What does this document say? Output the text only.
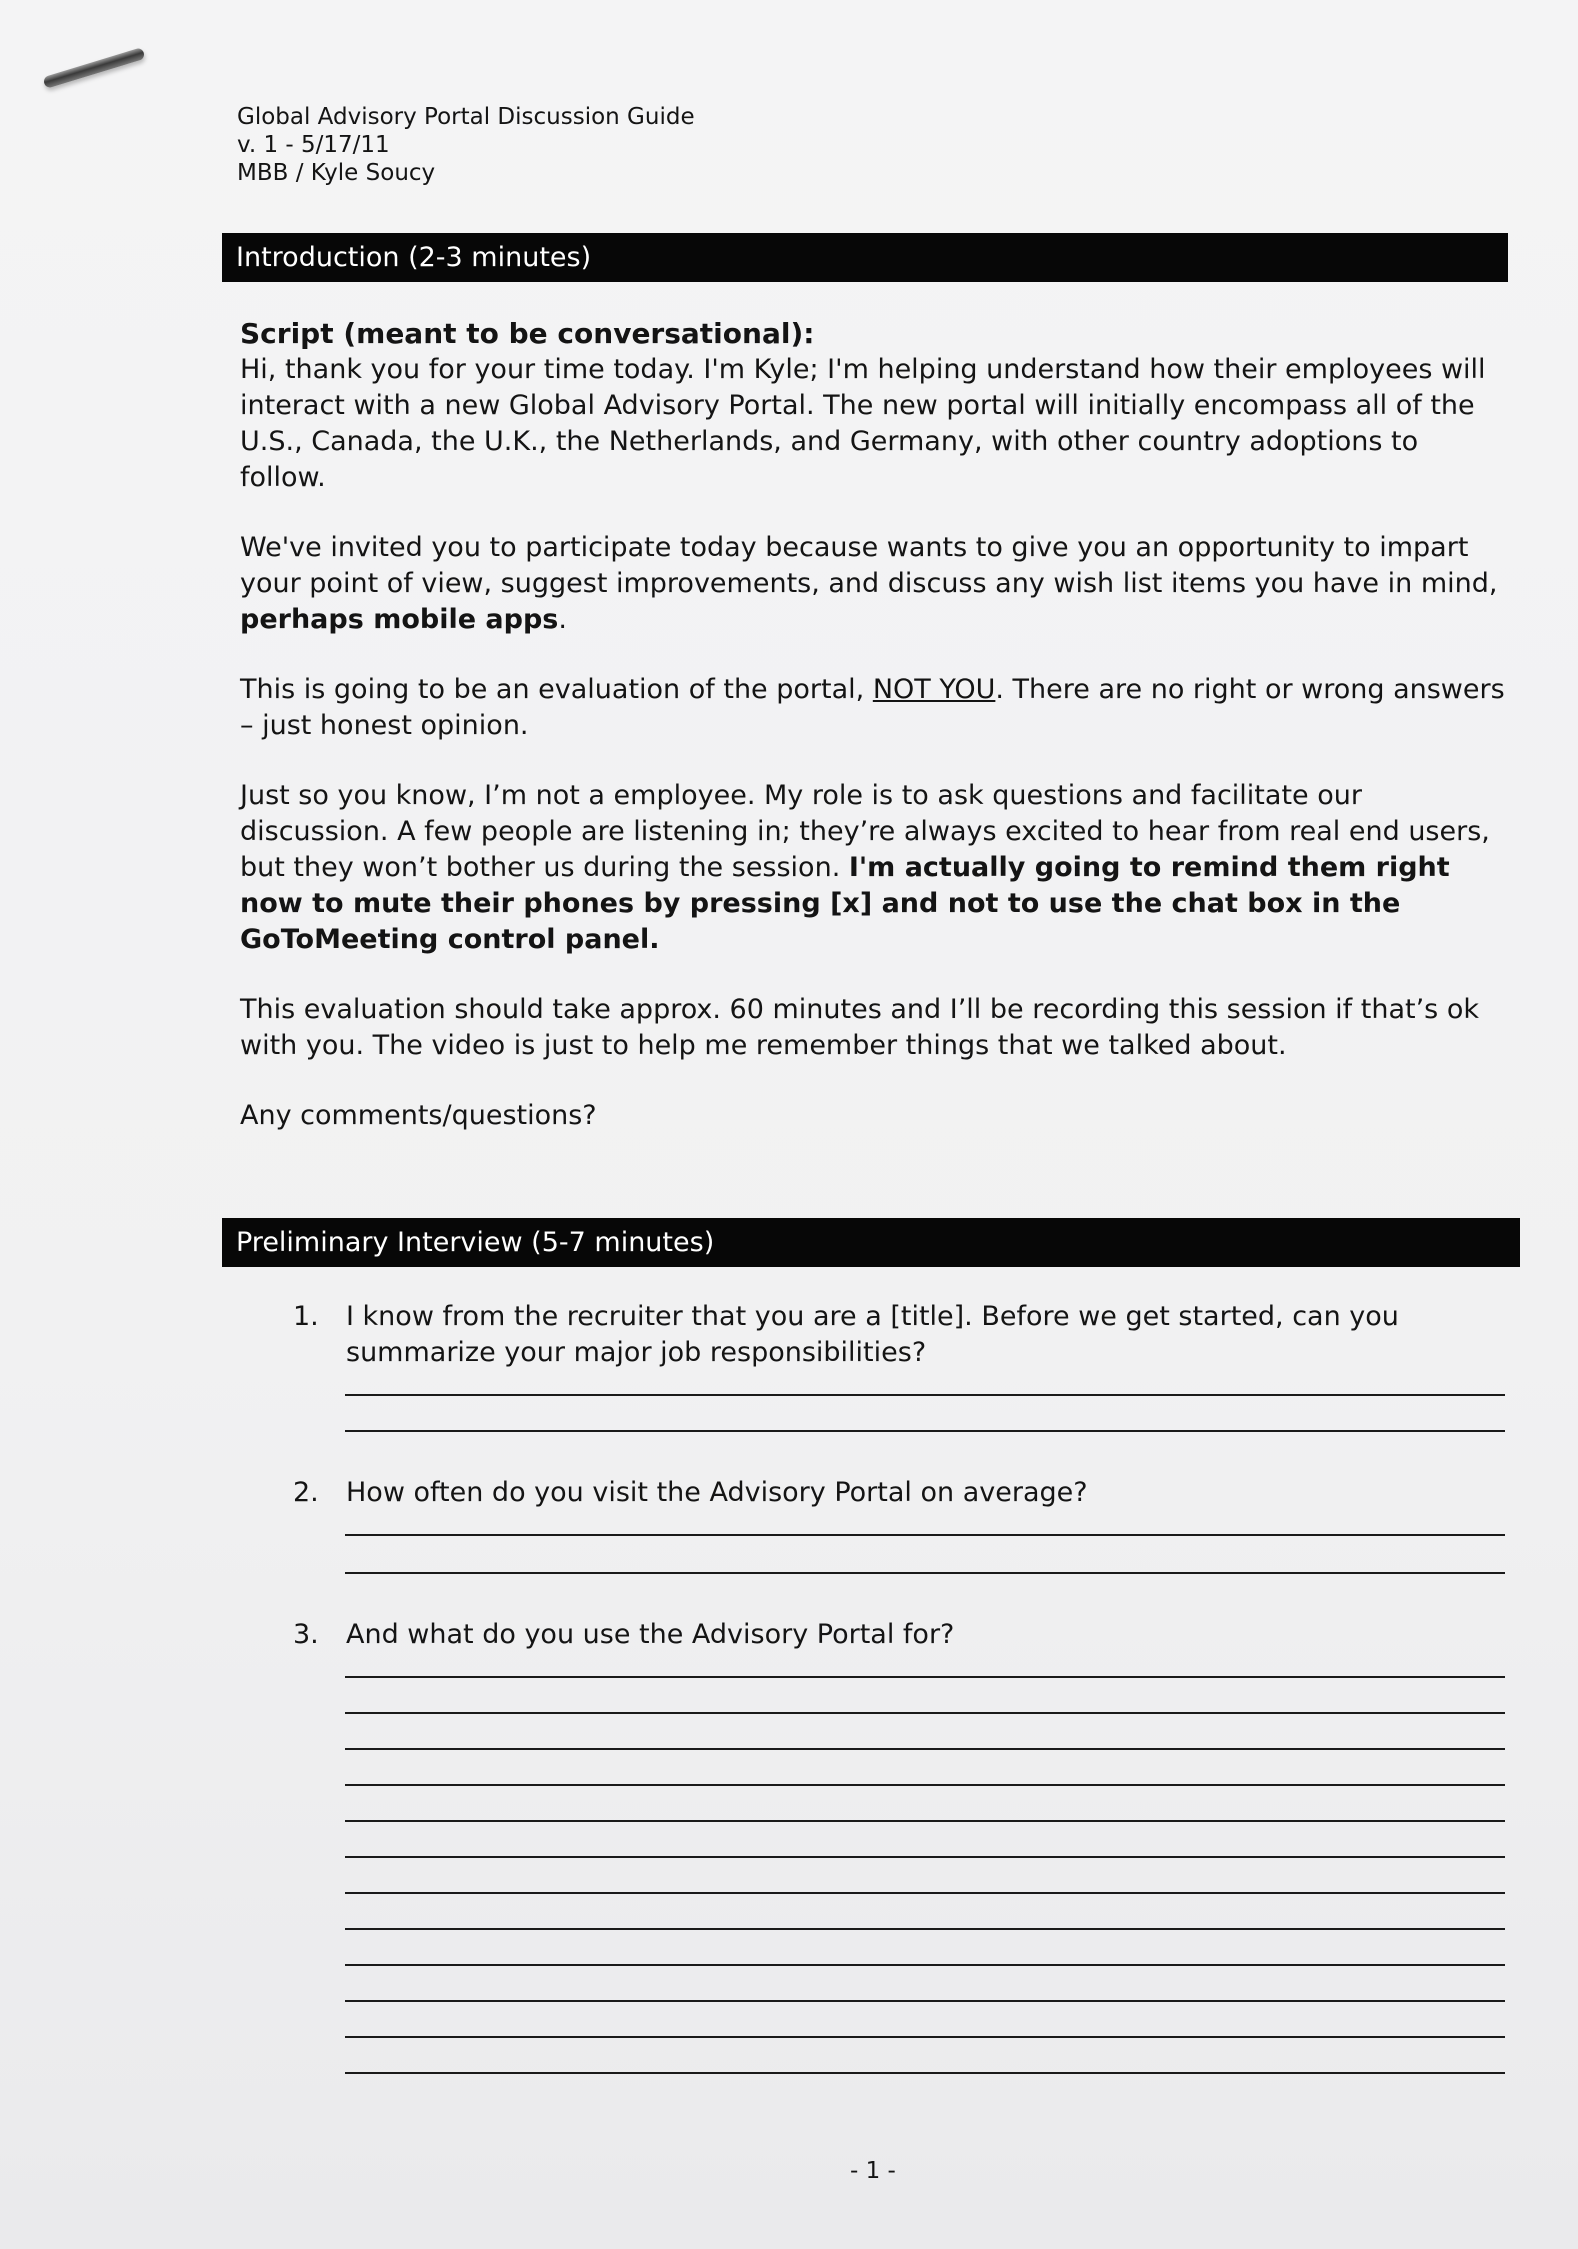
Global Advisory Portal Discussion Guide
v. 1 - 5/17/11
MBB / Kyle Soucy
Introduction (2-3 minutes)
Script (meant to be conversational):

Hi, thank you for your time today. I'm Kyle; I'm helping understand how their employees will interact with a new Global Advisory Portal. The new portal will initially encompass all of the U.S., Canada, the U.K., the Netherlands, and Germany, with other country adoptions to follow.

We've invited you to participate today because wants to give you an opportunity to impart your point of view, suggest improvements, and discuss any wish list items you have in mind, perhaps mobile apps.

This is going to be an evaluation of the portal, NOT YOU. There are no right or wrong answers – just honest opinion.

Just so you know, I’m not a employee. My role is to ask questions and facilitate our discussion. A few people are listening in; they’re always excited to hear from real end users, but they won’t bother us during the session. I'm actually going to remind them right now to mute their phones by pressing [x] and not to use the chat box in the GoToMeeting control panel.

This evaluation should take approx. 60 minutes and I’ll be recording this session if that’s ok with you. The video is just to help me remember things that we talked about.

Any comments/questions?

Preliminary Interview (5-7 minutes)
1. I know from the recruiter that you are a [title]. Before we get started, can you summarize your major job responsibilities?
2. How often do you visit the Advisory Portal on average?
3. And what do you use the Advisory Portal for?
- 1 -
